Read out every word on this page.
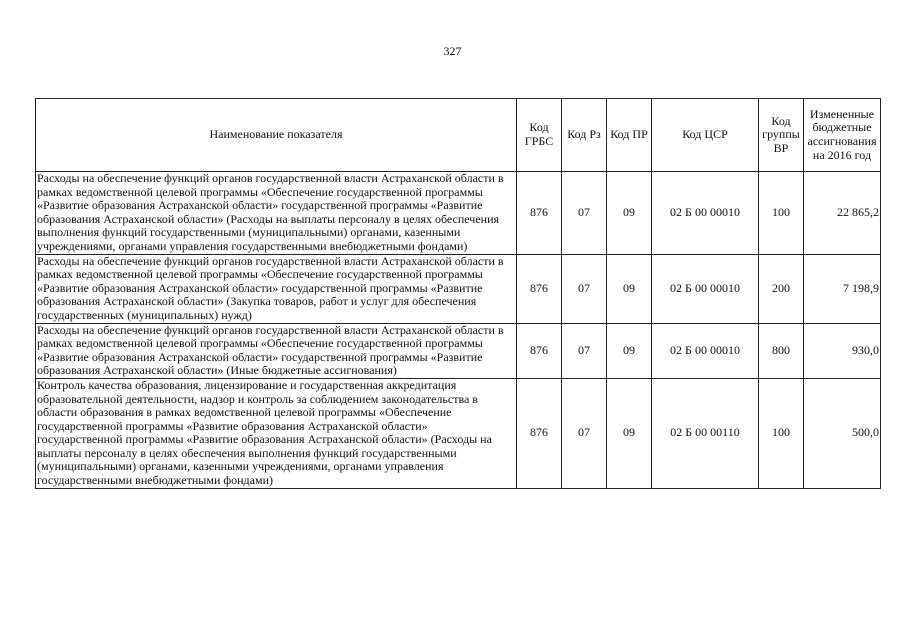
327
Наименование показателя	Код ГРБС	Код Рз	Код ПР	Код ЦСР	Код группы ВР	Измененные бюджетные ассигнования на 2016 год
Расходы на обеспечение функций органов государственной власти Астраханской области в рамках ведомственной целевой программы «Обеспечение государственной программы «Развитие образования Астраханской области» государственной программы «Развитие образования Астраханской области» (Расходы на выплаты персоналу в целях обеспечения выполнения функций государственными (муниципальными) органами, казенными учреждениями, органами управления государственными внебюджетными фондами)	876	07	09	02 Б 00 00010	100	22 865,2
Расходы на обеспечение функций органов государственной власти Астраханской области в рамках ведомственной целевой программы «Обеспечение государственной программы «Развитие образования Астраханской области» государственной программы «Развитие образования Астраханской области» (Закупка товаров, работ и услуг для обеспечения государственных (муниципальных) нужд)	876	07	09	02 Б 00 00010	200	7 198,9
Расходы на обеспечение функций органов государственной власти Астраханской области в рамках ведомственной целевой программы «Обеспечение государственной программы «Развитие образования Астраханской области» государственной программы «Развитие образования Астраханской области» (Иные бюджетные ассигнования)	876	07	09	02 Б 00 00010	800	930,0
Контроль качества образования, лицензирование и государственная аккредитация образовательной деятельности, надзор и контроль за соблюдением законодательства в области образования в рамках ведомственной целевой программы «Обеспечение государственной программы «Развитие образования Астраханской области» государственной программы «Развитие образования Астраханской области» (Расходы на выплаты персоналу в целях обеспечения выполнения функций государственными (муниципальными) органами, казенными учреждениями, органами управления государственными внебюджетными фондами)	876	07	09	02 Б 00 00110	100	500,0
